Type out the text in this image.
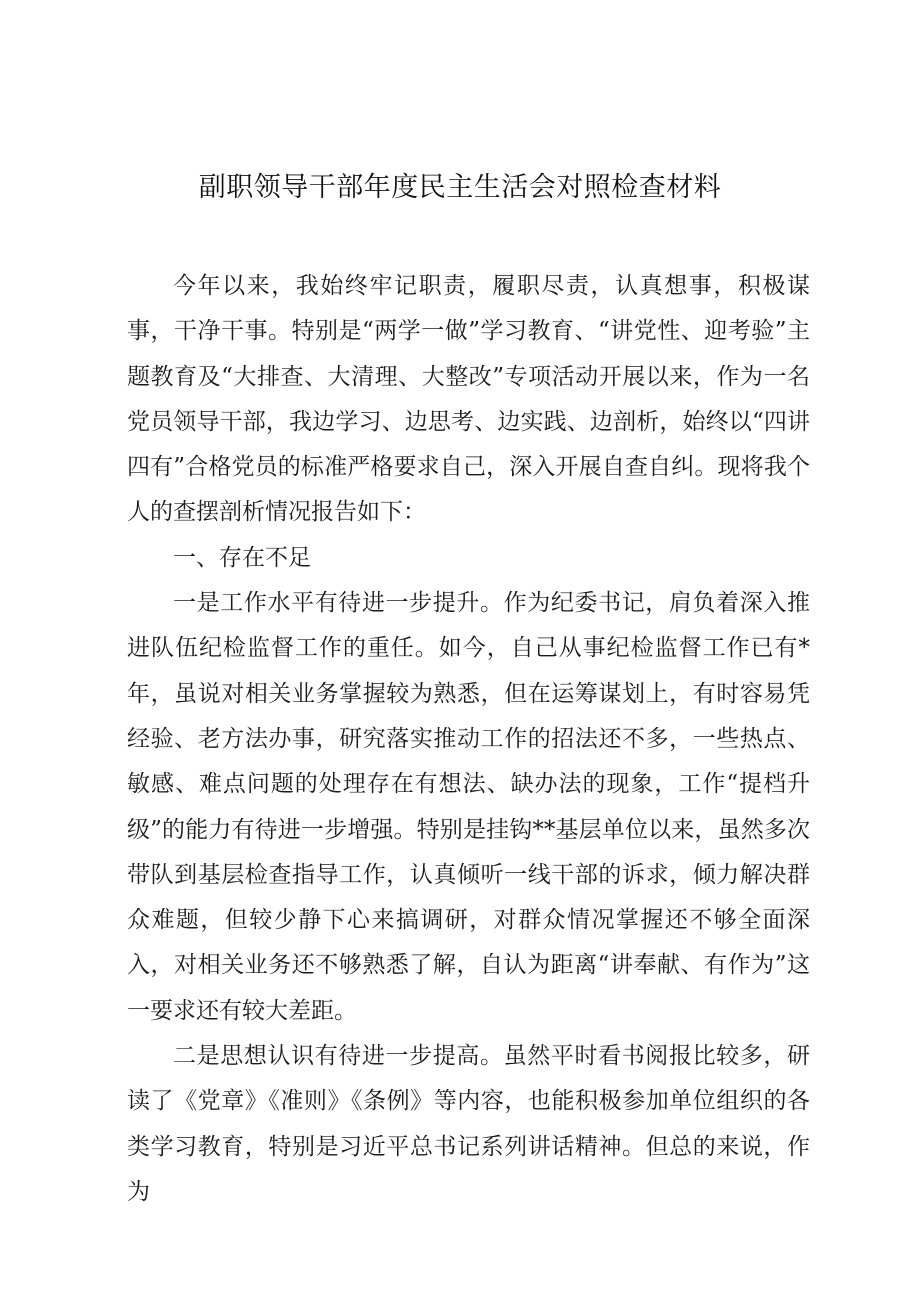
副职领导干部年度民主生活会对照检查材料

今年以来，我始终牢记职责，履职尽责，认真想事，积极谋事，干净干事。特别是“两学一做”学习教育、“讲党性、迎考验”主题教育及“大排查、大清理、大整改”专项活动开展以来，作为一名党员领导干部，我边学习、边思考、边实践、边剖析，始终以“四讲四有”合格党员的标准严格要求自己，深入开展自查自纠。现将我个人的查摆剖析情况报告如下：

一、存在不足

一是工作水平有待进一步提升。作为纪委书记，肩负着深入推进队伍纪检监督工作的重任。如今，自己从事纪检监督工作已有*年，虽说对相关业务掌握较为熟悉，但在运筹谋划上，有时容易凭经验、老方法办事，研究落实推动工作的招法还不多，一些热点、敏感、难点问题的处理存在有想法、缺办法的现象，工作“提档升级”的能力有待进一步增强。特别是挂钩**基层单位以来，虽然多次带队到基层检查指导工作，认真倾听一线干部的诉求，倾力解决群众难题，但较少静下心来搞调研，对群众情况掌握还不够全面深入，对相关业务还不够熟悉了解，自认为距离“讲奉献、有作为”这一要求还有较大差距。

二是思想认识有待进一步提高。虽然平时看书阅报比较多，研读了《党章》《准则》《条例》等内容，也能积极参加单位组织的各类学习教育，特别是习近平总书记系列讲话精神。但总的来说，作为
